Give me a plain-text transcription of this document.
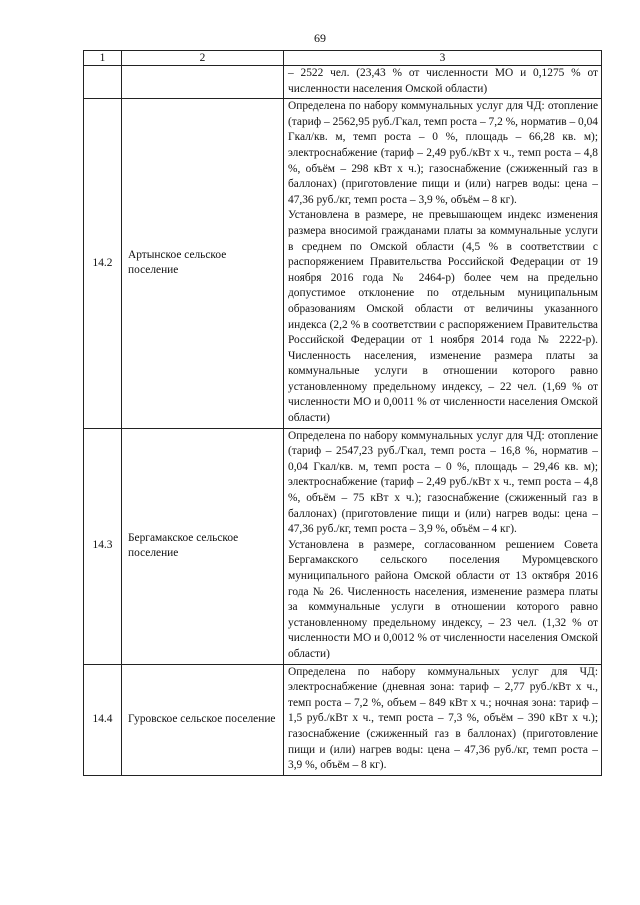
69
1	2	3
		– 2522 чел. (23,43 % от численности МО и 0,1275 % от численности населения Омской области)
14.2	Артынское сельское поселение	Определена по набору коммунальных услуг для ЧД: отопление (тариф – 2562,95 руб./Гкал, темп роста – 7,2 %, норматив – 0,04 Гкал/кв. м, темп роста – 0 %, площадь – 66,28 кв. м); электроснабжение (тариф – 2,49 руб./кВт х ч., темп роста – 4,8 %, объём – 298 кВт х ч.); газоснабжение (сжиженный газ в баллонах) (приготовление пищи и (или) нагрев воды: цена – 47,36 руб./кг, темп роста – 3,9 %, объём – 8 кг).

Установлена в размере, не превышающем индекс изменения размера вносимой гражданами платы за коммунальные услуги в среднем по Омской области (4,5 % в соответствии с распоряжением Правительства Российской Федерации от 19 ноября 2016 года № 2464-р) более чем на предельно допустимое отклонение по отдельным муниципальным образованиям Омской области от величины указанного индекса (2,2 % в соответствии с распоряжением Правительства Российской Федерации от 1 ноября 2014 года № 2222-р). Численность населения, изменение размера платы за коммунальные услуги в отношении которого равно установленному предельному индексу, – 22 чел. (1,69 % от численности МО и 0,0011 % от численности населения Омской области)

14.3	Бергамакское сельское поселение	Определена по набору коммунальных услуг для ЧД: отопление (тариф – 2547,23 руб./Гкал, темп роста – 16,8 %, норматив – 0,04 Гкал/кв. м, темп роста – 0 %, площадь – 29,46 кв. м); электроснабжение (тариф – 2,49 руб./кВт х ч., темп роста – 4,8 %, объём – 75 кВт х ч.); газоснабжение (сжиженный газ в баллонах) (приготовление пищи и (или) нагрев воды: цена – 47,36 руб./кг, темп роста – 3,9 %, объём – 4 кг).

Установлена в размере, согласованном решением Совета Бергамакского сельского поселения Муромцевского муниципального района Омской области от 13 октября 2016 года № 26. Численность населения, изменение размера платы за коммунальные услуги в отношении которого равно установленному предельному индексу, – 23 чел. (1,32 % от численности МО и 0,0012 % от численности населения Омской области)

14.4	Гуровское сельское поселение	Определена по набору коммунальных услуг для ЧД: электроснабжение (дневная зона: тариф – 2,77 руб./кВт х ч., темп роста – 7,2 %, объем – 849 кВт х ч.; ночная зона: тариф – 1,5 руб./кВт х ч., темп роста – 7,3 %, объём – 390 кВт х ч.); газоснабжение (сжиженный газ в баллонах) (приготовление пищи и (или) нагрев воды: цена – 47,36 руб./кг, темп роста – 3,9 %, объём – 8 кг).
